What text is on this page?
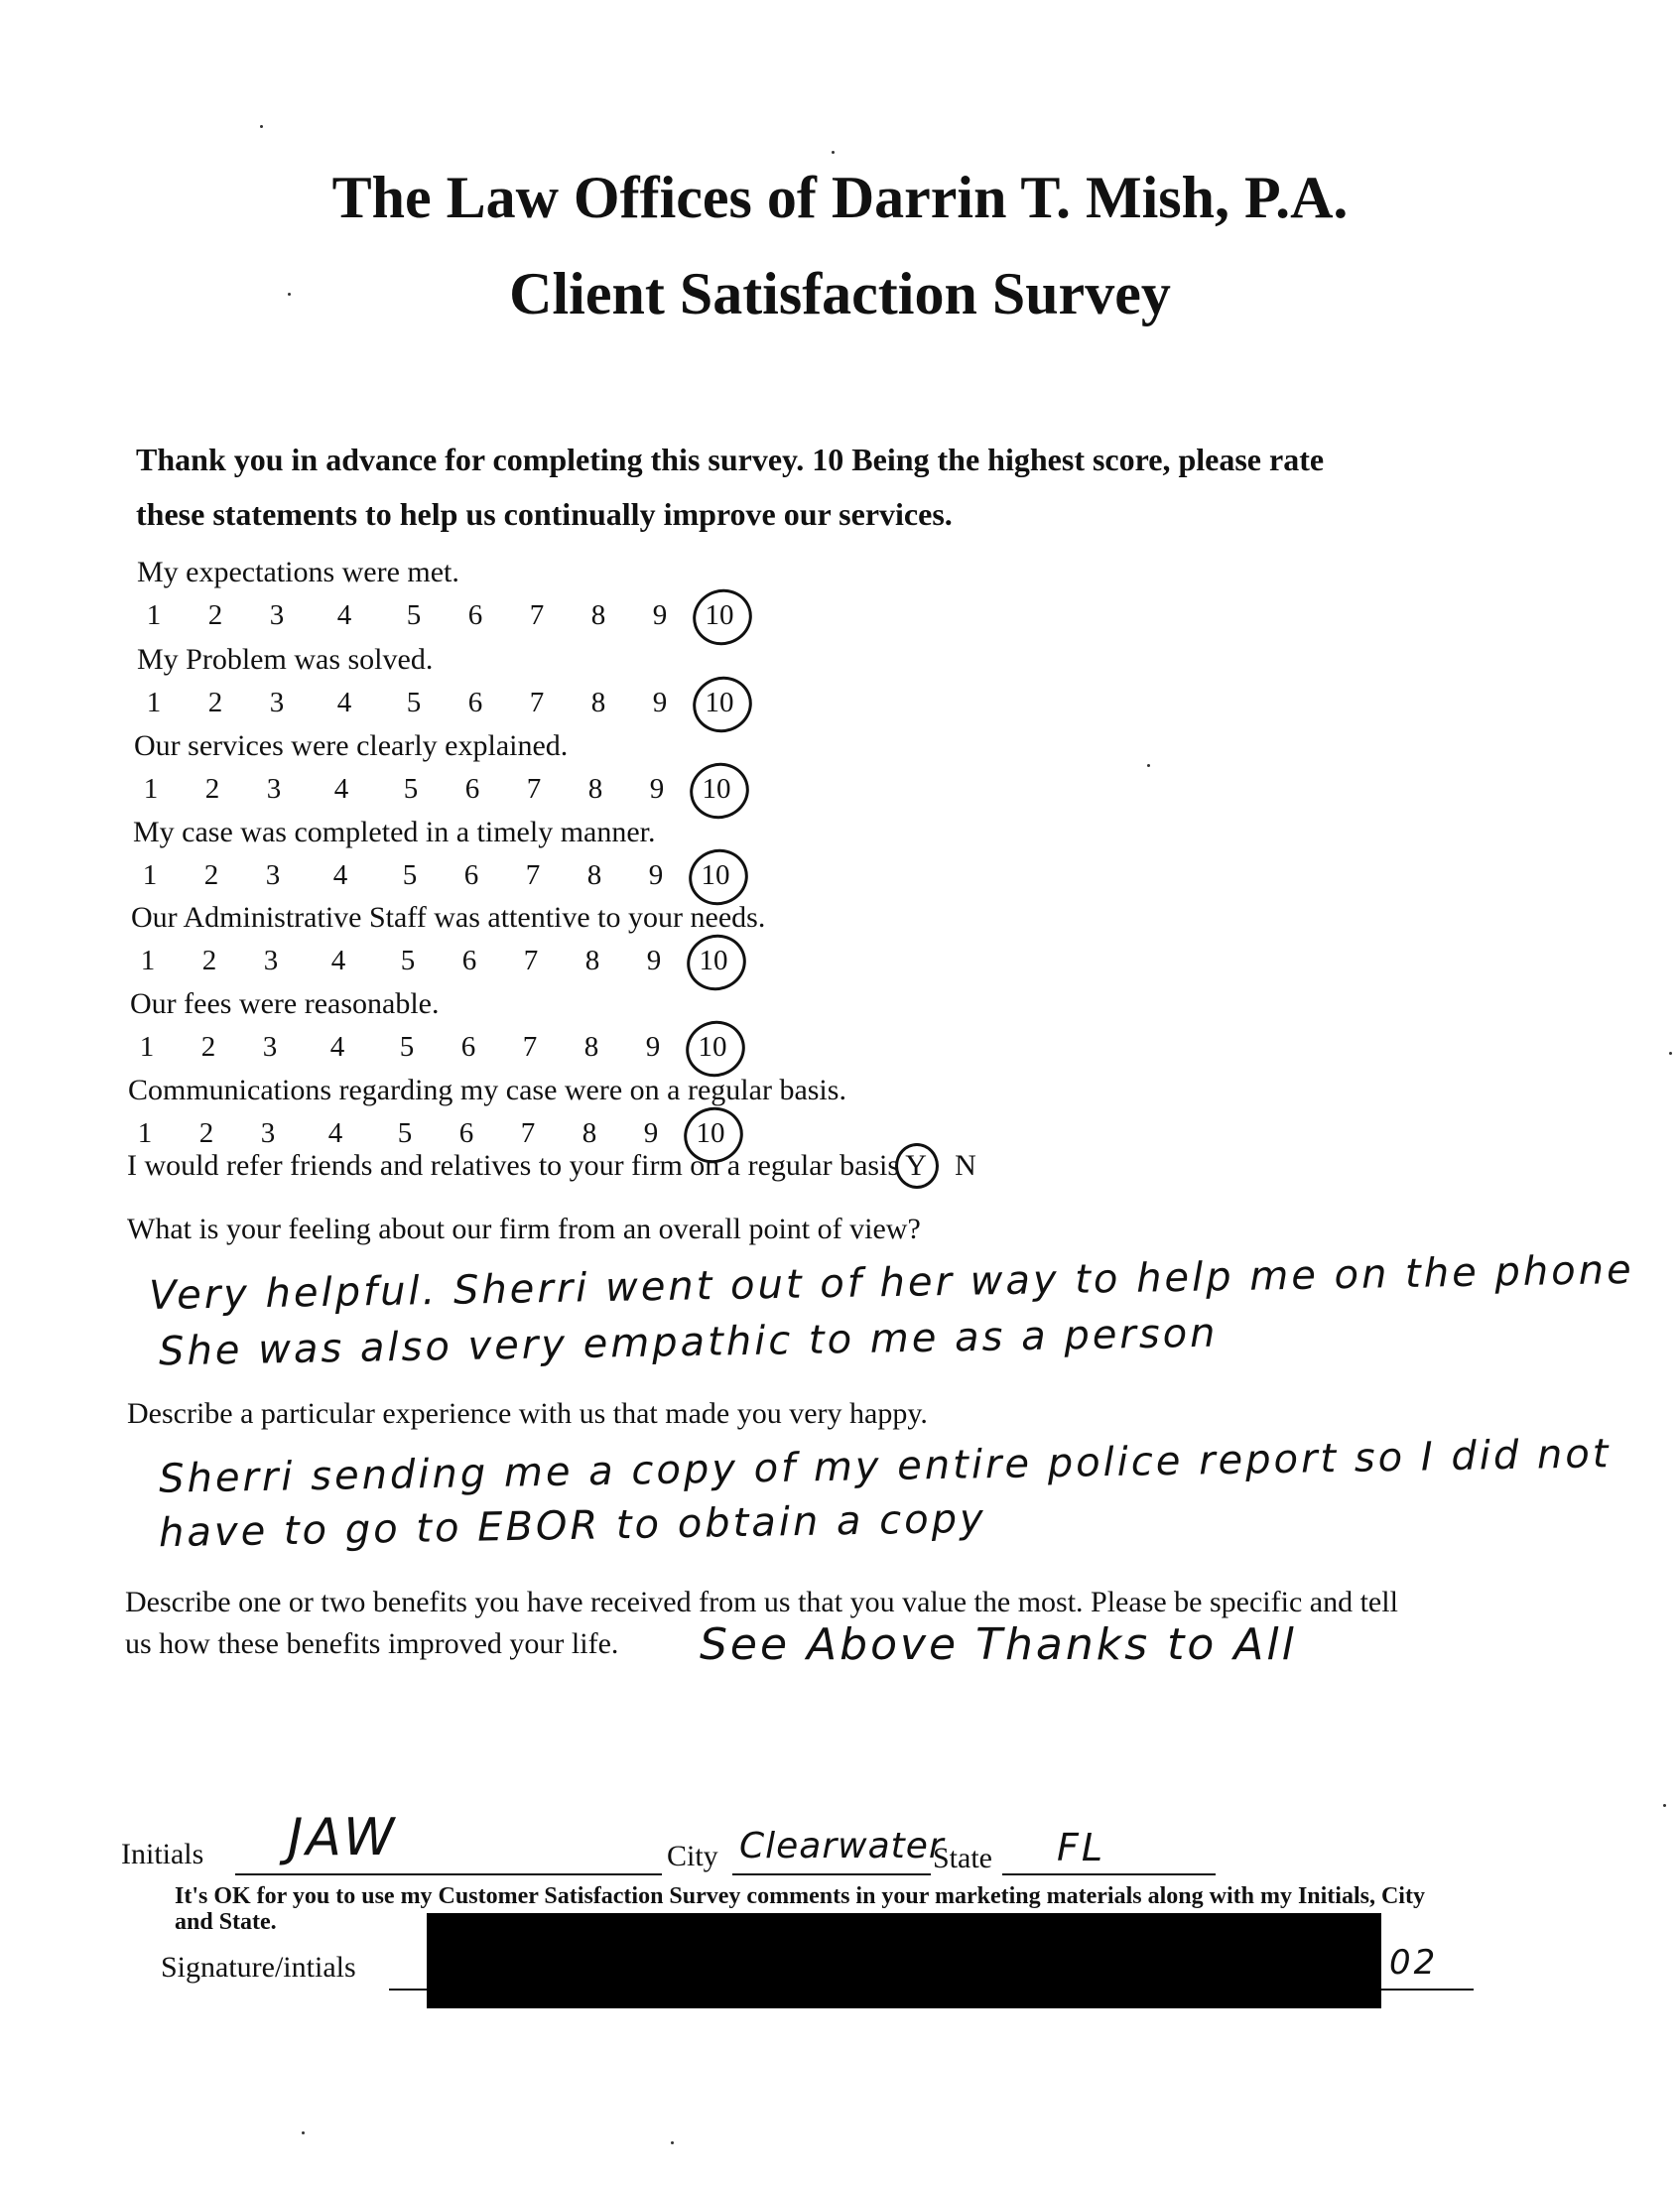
The Law Offices of Darrin T. Mish, P.A.
Client Satisfaction Survey
Thank you in advance for completing this survey. 10 Being the highest score, please rate
these statements to help us continually improve our services.
My expectations were met.
1 2 3 4 5 6 7 8 9 10
My Problem was solved.
1 2 3 4 5 6 7 8 9 10
Our services were clearly explained.
1 2 3 4 5 6 7 8 9 10
My case was completed in a timely manner.
1 2 3 4 5 6 7 8 9 10
Our Administrative Staff was attentive to your needs.
1 2 3 4 5 6 7 8 9 10
Our fees were reasonable.
1 2 3 4 5 6 7 8 9 10
Communications regarding my case were on a regular basis.
1 2 3 4 5 6 7 8 9 10
I would refer friends and relatives to your firm on a regular basis Y N
What is your feeling about our firm from an overall point of view?
Very helpful. Sherri went out of her way to help me on the phone
She was also very empathic to me as a person
Describe a particular experience with us that made you very happy.
Sherri sending me a copy of my entire police report so I did not
have to go to EBOR to obtain a copy
Describe one or two benefits you have received from us that you value the most. Please be specific and tell
us how these benefits improved your life. See Above Thanks to All
Initials JAW	City Clearwater
State FL
It's OK for you to use my Customer Satisfaction Survey comments in your marketing materials along with my Initials, City
and State.
Signature/intials	02
